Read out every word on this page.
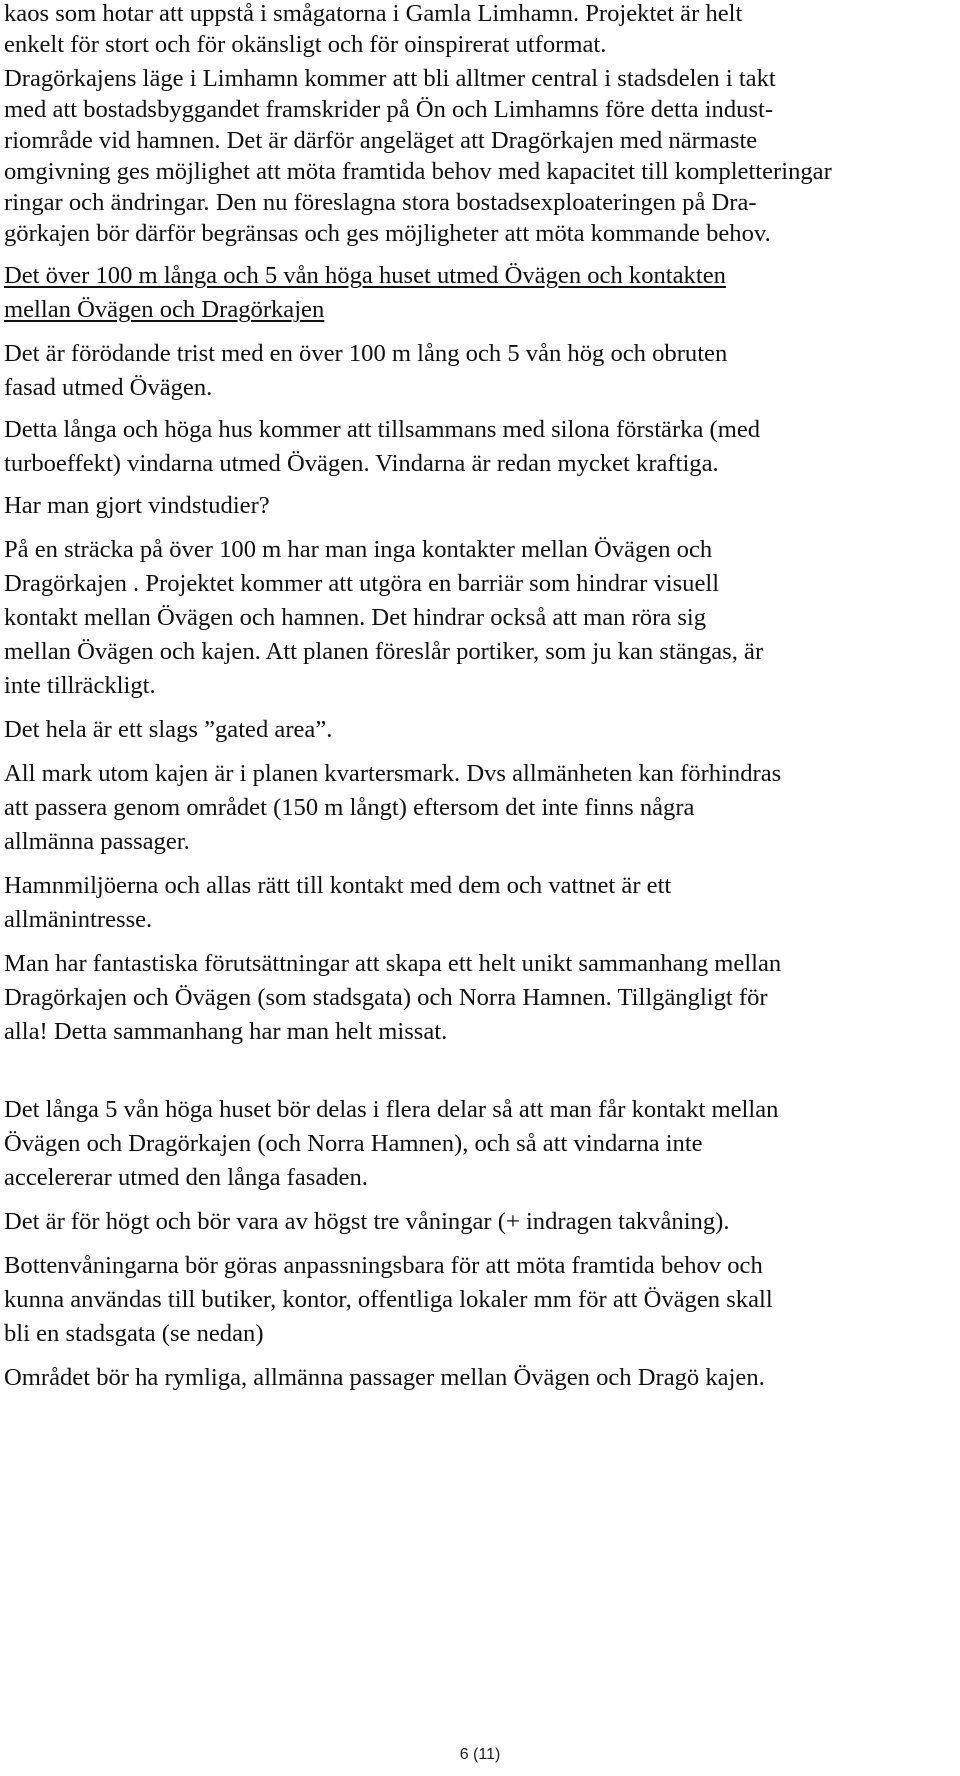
kaos som hotar att uppstå i smågatorna i Gamla Limhamn. Projektet är helt
enkelt för stort och för okänsligt och för oinspirerat utformat.
Dragörkajens läge i Limhamn kommer att bli alltmer central i stadsdelen i takt
med att bostadsbyggandet framskrider på Ön och Limhamns före detta indust-
riområde vid hamnen. Det är därför angeläget att Dragörkajen med närmaste
omgivning ges möjlighet att möta framtida behov med kapacitet till kompletteringar
ringar och ändringar. Den nu föreslagna stora bostadsexploateringen på Dra-
görkajen bör därför begränsas och ges möjligheter att möta kommande behov.
Det över 100 m långa och 5 vån höga huset utmed Övägen och kontakten
mellan Övägen och Dragörkajen
Det är förödande trist med en över 100 m lång och 5 vån hög och obruten
fasad utmed Övägen.
Detta långa och höga hus kommer att tillsammans med silona förstärka (med
turboeffekt) vindarna utmed Övägen. Vindarna är redan mycket kraftiga.
Har man gjort vindstudier?
På en sträcka på över 100 m har man inga kontakter mellan Övägen och
Dragörkajen . Projektet kommer att utgöra en barriär som hindrar visuell
kontakt mellan Övägen och hamnen. Det hindrar också att man röra sig
mellan Övägen och kajen. Att planen föreslår portiker, som ju kan stängas, är
inte tillräckligt.
Det hela är ett slags ”gated area”.
All mark utom kajen är i planen kvartersmark. Dvs allmänheten kan förhindras
att passera genom området (150 m långt) eftersom det inte finns några
allmänna passager.
Hamnmiljöerna och allas rätt till kontakt med dem och vattnet är ett
allmänintresse.
Man har fantastiska förutsättningar att skapa ett helt unikt sammanhang mellan
Dragörkajen och Övägen (som stadsgata) och Norra Hamnen. Tillgängligt för
alla! Detta sammanhang har man helt missat.
Det långa 5 vån höga huset bör delas i flera delar så att man får kontakt mellan
Övägen och Dragörkajen (och Norra Hamnen), och så att vindarna inte
accelererar utmed den långa fasaden.
Det är för högt och bör vara av högst tre våningar (+ indragen takvåning).
Bottenvåningarna bör göras anpassningsbara för att möta framtida behov och
kunna användas till butiker, kontor, offentliga lokaler mm för att Övägen skall
bli en stadsgata (se nedan)
Området bör ha rymliga, allmänna passager mellan Övägen och Dragö kajen.
6 (11)
